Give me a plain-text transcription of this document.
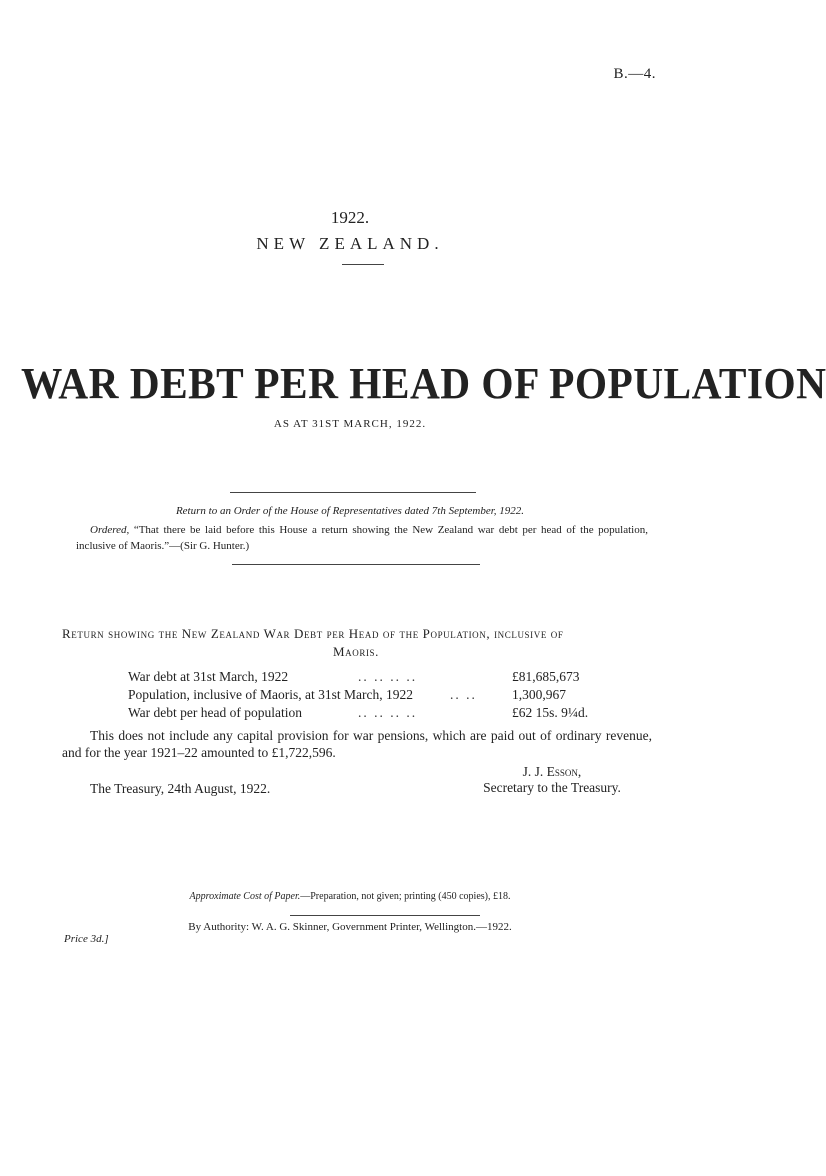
B.—4.
1922.
NEW ZEALAND.
WAR DEBT PER HEAD OF POPULATION
AS AT 31ST MARCH, 1922.
Return to an Order of the House of Representatives dated 7th September, 1922.
Ordered, “That there be laid before this House a return showing the New Zealand war debt per head of the population, inclusive of Maoris.”—(Sir G. Hunter.)
Return showing the New Zealand War Debt per Head of the Population, inclusive of
Maoris.
War debt at 31st March, 1922	.. .. .. ..	£81,685,673
Population, inclusive of Maoris, at 31st March, 1922	.. ..	1,300,967
War debt per head of population	.. .. .. ..	£62 15s. 9¼d.
This does not include any capital provision for war pensions, which are paid out of ordinary revenue, and for the year 1921–22 amounted to £1,722,596.
J. J. Esson,
Secretary to the Treasury.
The Treasury, 24th August, 1922.
Approximate Cost of Paper.—Preparation, not given; printing (450 copies), £18.
By Authority: W. A. G. Skinner, Government Printer, Wellington.—1922.
Price 3d.]
